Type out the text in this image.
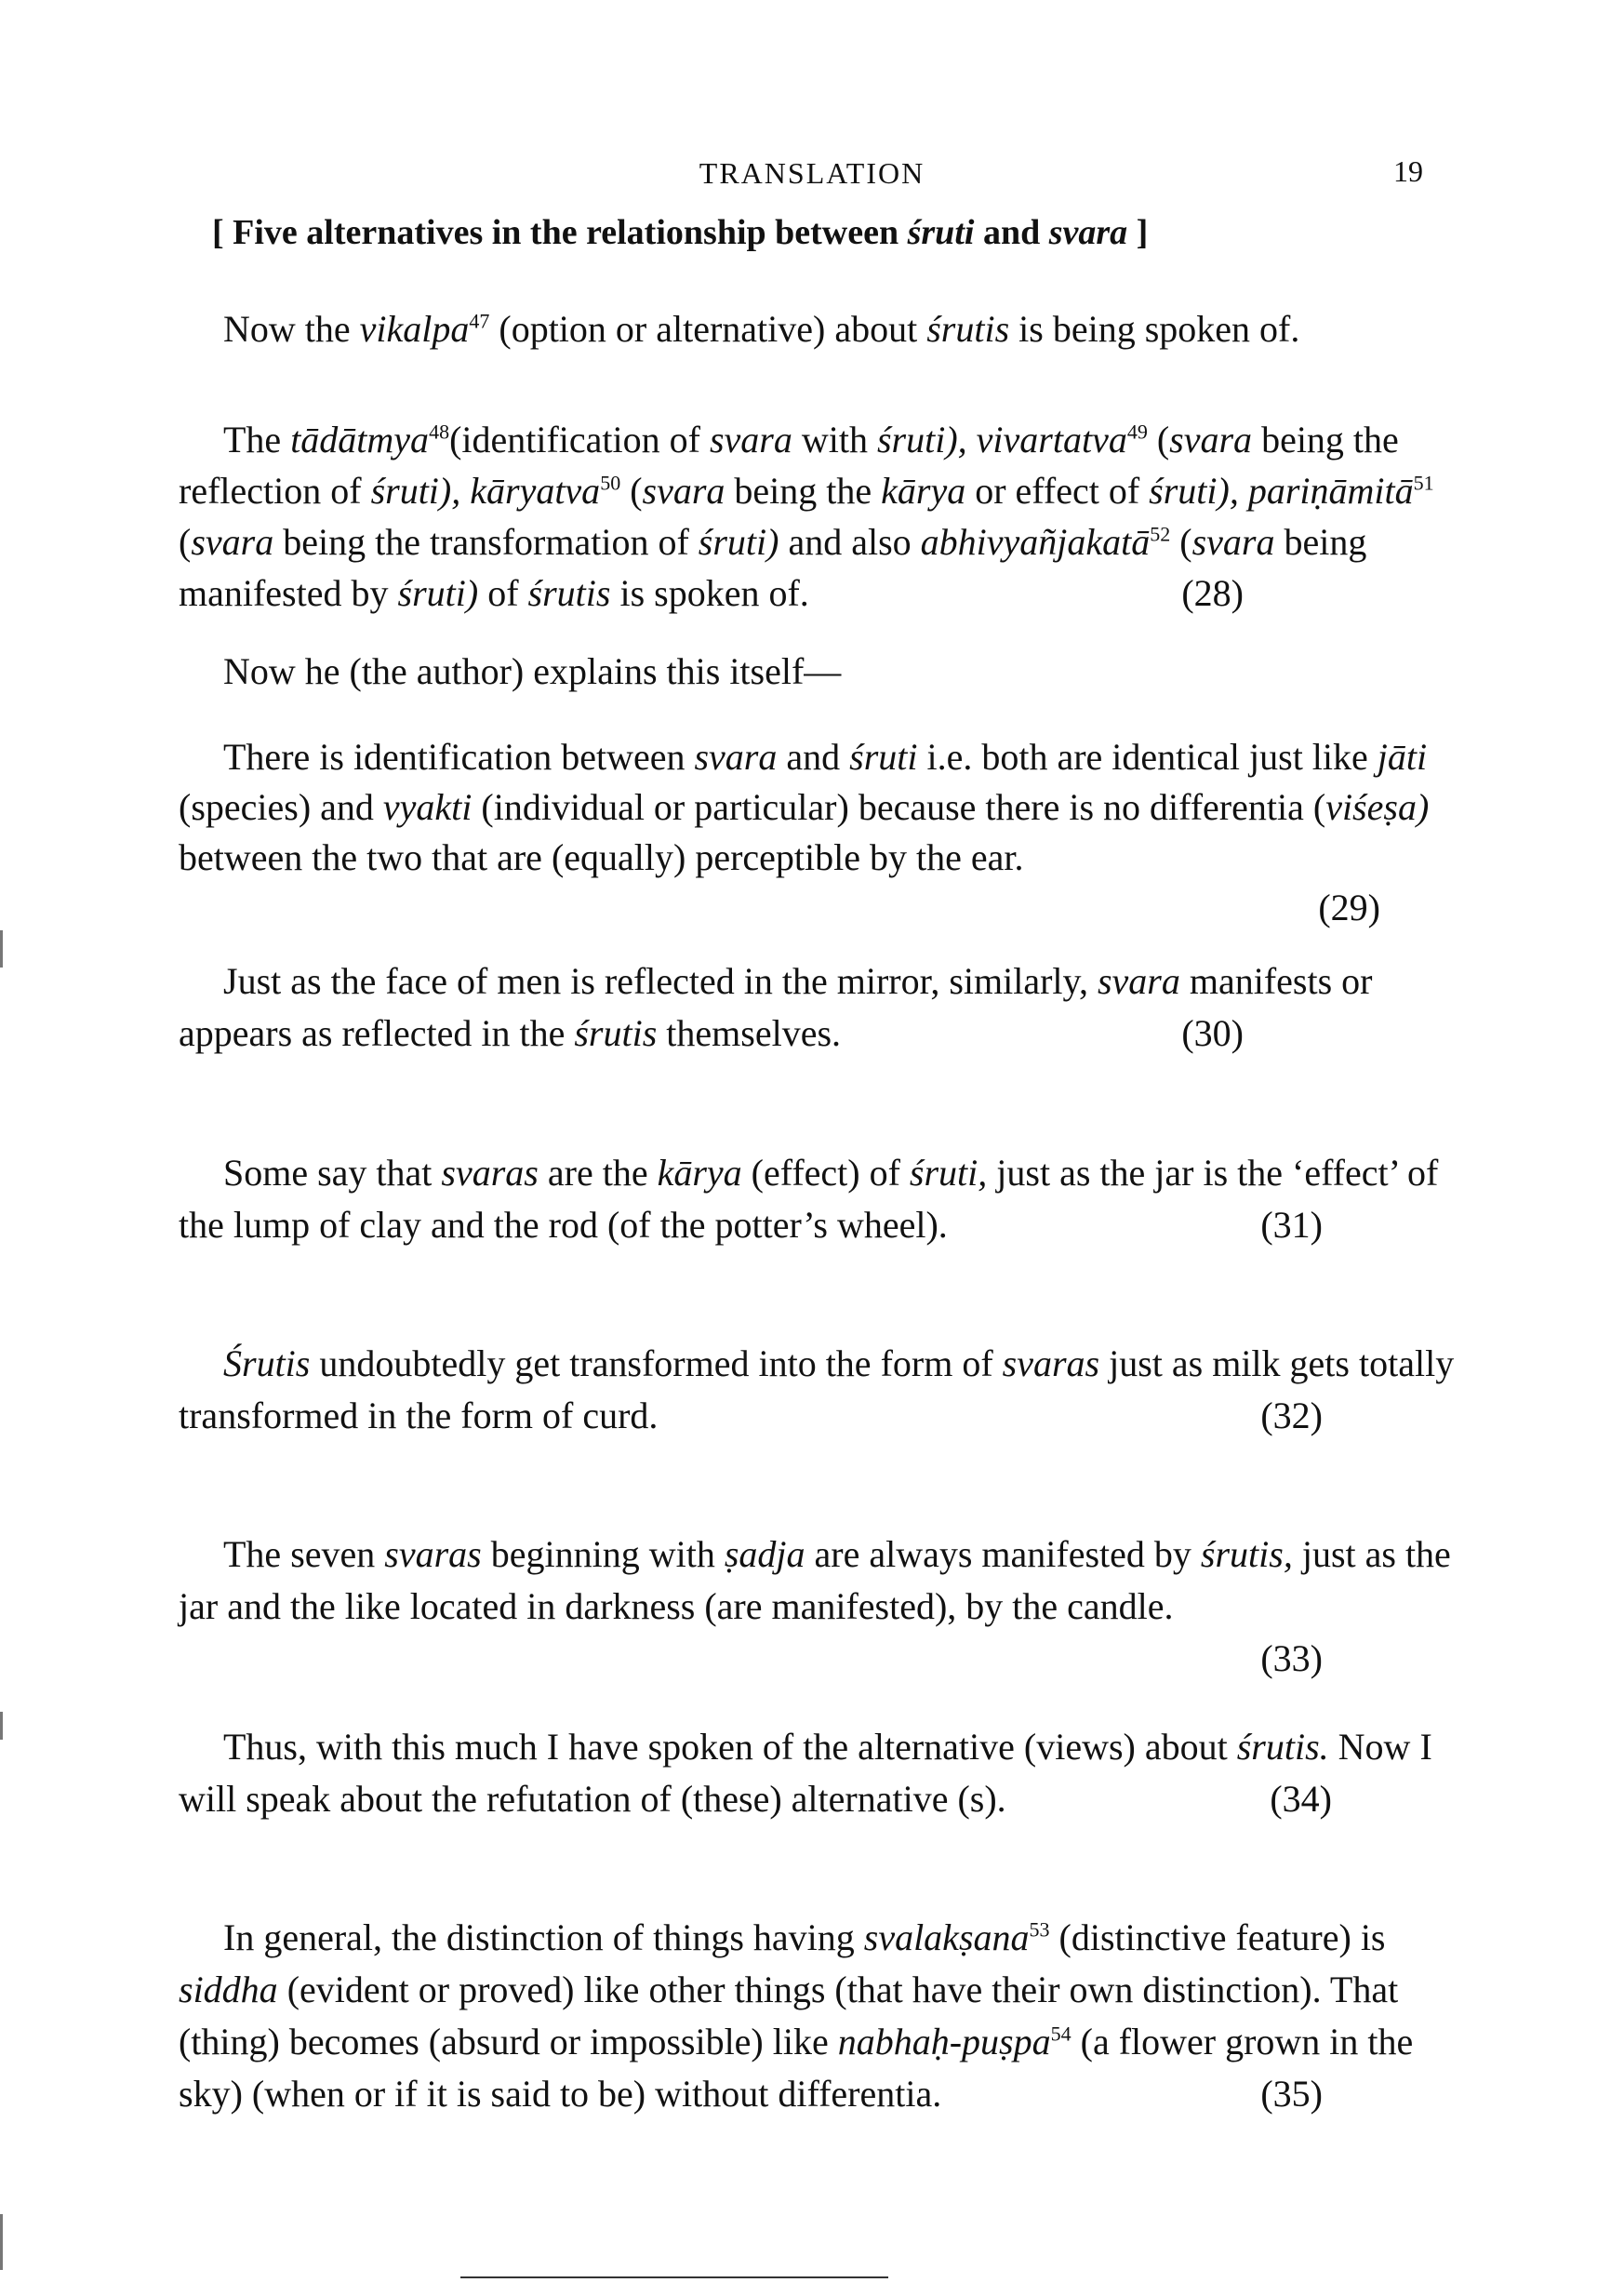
TRANSLATION	19
[ Five alternatives in the relationship between śruti and svara ]

Now the vikalpa$^{47}$ (option or alternative) about śrutis is being spoken of.

The tādātmya$^{48}$(identification of svara with śruti), vivartatva$^{49}$ (svara being the reflection of śruti), kāryatva$^{50}$ (svara being the kārya or effect of śruti), pariṇāmitā$^{51}$ (svara being the transformation of śruti) and also abhivyañjakatā$^{52}$ (svara being manifested by śruti) of śrutis is spoken of.	(28)

Now he (the author) explains this itself—

There is identification between svara and śruti i.e. both are identical just like jāti (species) and vyakti (individual or particular) because there is no differentia (viśeṣa) between the two that are (equally) perceptible by the ear.
(29)

Just as the face of men is reflected in the mirror, similarly, svara manifests or appears as reflected in the śrutis themselves.	(30)

Some say that svaras are the kārya (effect) of śruti, just as the jar is the ‘effect’ of the lump of clay and the rod (of the potter’s wheel).	(31)

Śrutis undoubtedly get transformed into the form of svaras just as milk gets totally transformed in the form of curd.	(32)

The seven svaras beginning with ṣadja are always manifested by śrutis, just as the jar and the like located in darkness (are manifested), by the candle.
(33)

Thus, with this much I have spoken of the alternative (views) about śrutis. Now I will speak about the refutation of (these) alternative (s).	(34)

In general, the distinction of things having svalakṣana$^{53}$ (distinctive feature) is siddha (evident or proved) like other things (that have their own distinction). That (thing) becomes (absurd or impossible) like nabhaḥ-puṣpa$^{54}$ (a flower grown in the sky) (when or if it is said to be) without differentia.	(35)
